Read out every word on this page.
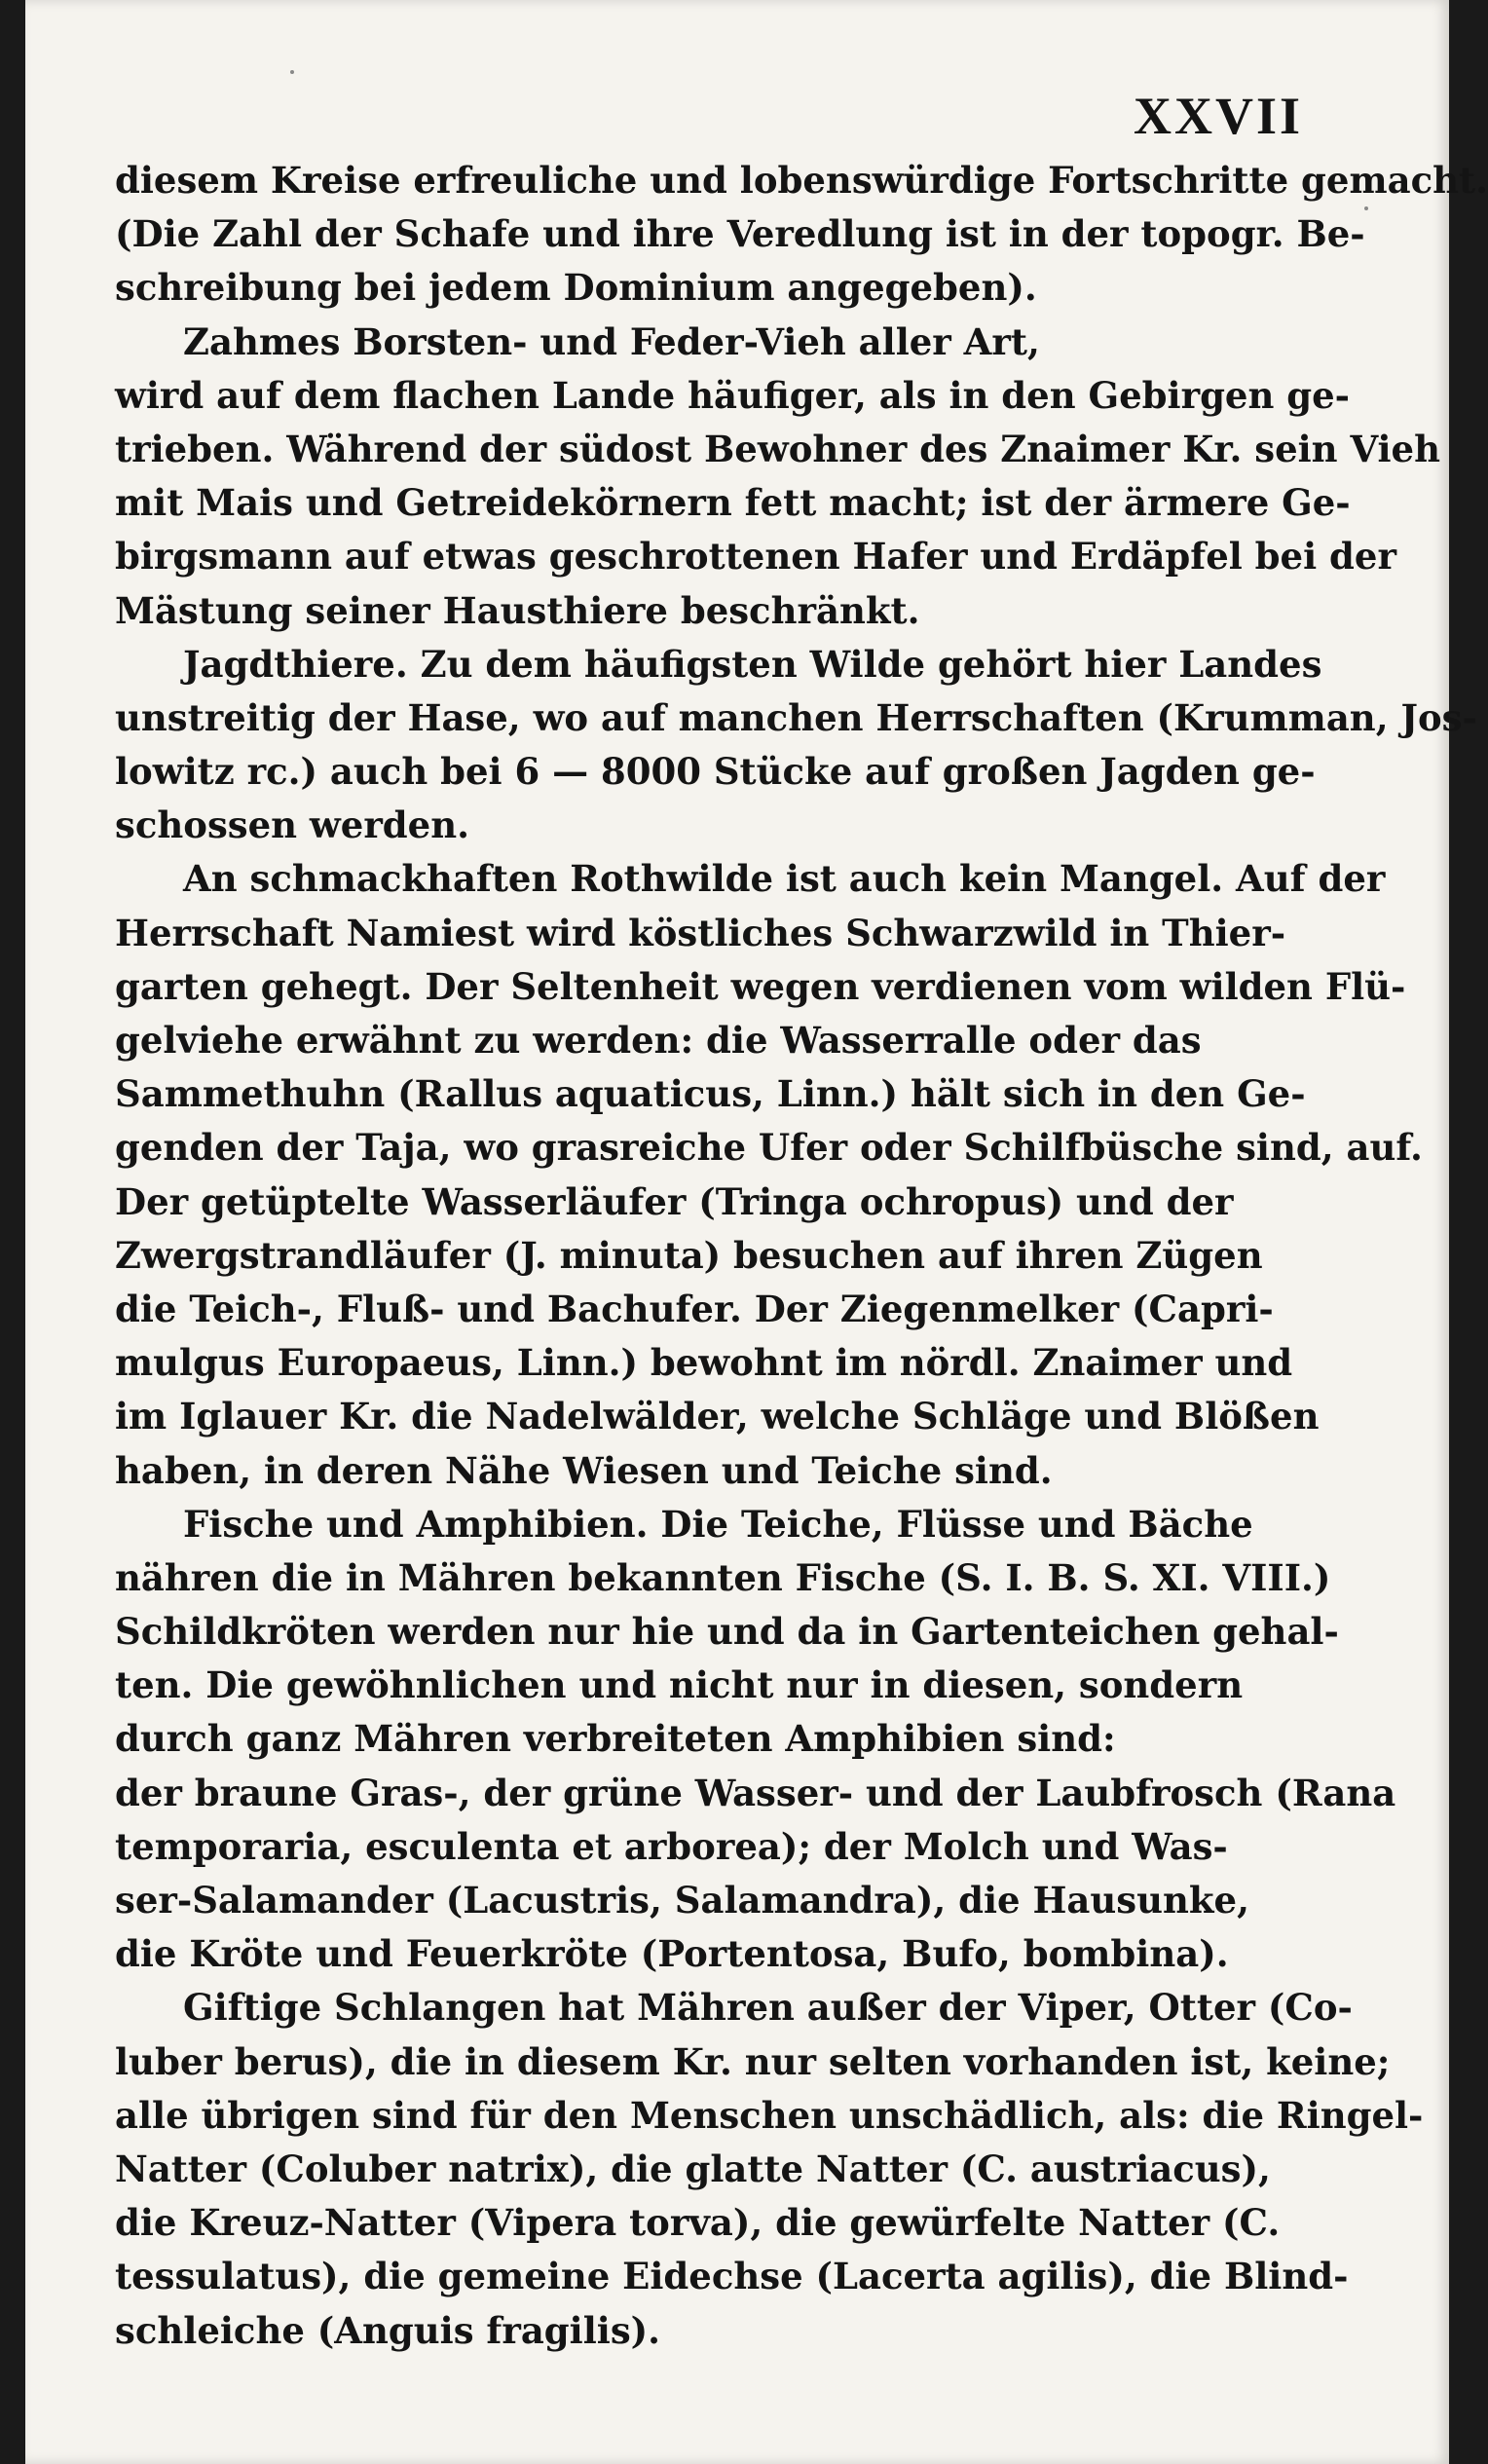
XXVII
diesem Kreise erfreuliche und lobenswürdige Fortschritte gemacht.
(Die Zahl der Schafe und ihre Veredlung ist in der topogr. Be-
schreibung bei jedem Dominium angegeben).
Zahmes Borsten- und Feder-Vieh aller Art,
wird auf dem flachen Lande häufiger, als in den Gebirgen ge-
trieben. Während der südost Bewohner des Znaimer Kr. sein Vieh
mit Mais und Getreidekörnern fett macht; ist der ärmere Ge-
birgsmann auf etwas geschrottenen Hafer und Erdäpfel bei der
Mästung seiner Hausthiere beschränkt.
Jagdthiere. Zu dem häufigsten Wilde gehört hier Landes
unstreitig der Hase, wo auf manchen Herrschaften (Krumman, Jos-
lowitz rc.) auch bei 6 — 8000 Stücke auf großen Jagden ge-
schossen werden.
An schmackhaften Rothwilde ist auch kein Mangel. Auf der
Herrschaft Namiest wird köstliches Schwarzwild in Thier-
garten gehegt. Der Seltenheit wegen verdienen vom wilden Flü-
gelviehe erwähnt zu werden: die Wasserralle oder das
Sammethuhn (Rallus aquaticus, Linn.) hält sich in den Ge-
genden der Taja, wo grasreiche Ufer oder Schilfbüsche sind, auf.
Der getüptelte Wasserläufer (Tringa ochropus) und der
Zwergstrandläufer (J. minuta) besuchen auf ihren Zügen
die Teich-, Fluß- und Bachufer. Der Ziegenmelker (Capri-
mulgus Europaeus, Linn.) bewohnt im nördl. Znaimer und
im Iglauer Kr. die Nadelwälder, welche Schläge und Blößen
haben, in deren Nähe Wiesen und Teiche sind.
Fische und Amphibien. Die Teiche, Flüsse und Bäche
nähren die in Mähren bekannten Fische (S. I. B. S. XI. VIII.)
Schildkröten werden nur hie und da in Gartenteichen gehal-
ten. Die gewöhnlichen und nicht nur in diesen, sondern
durch ganz Mähren verbreiteten Amphibien sind:
der braune Gras-, der grüne Wasser- und der Laubfrosch (Rana
temporaria, esculenta et arborea); der Molch und Was-
ser-Salamander (Lacustris, Salamandra), die Hausunke,
die Kröte und Feuerkröte (Portentosa, Bufo, bombina).
Giftige Schlangen hat Mähren außer der Viper, Otter (Co-
luber berus), die in diesem Kr. nur selten vorhanden ist, keine;
alle übrigen sind für den Menschen unschädlich, als: die Ringel-
Natter (Coluber natrix), die glatte Natter (C. austriacus),
die Kreuz-Natter (Vipera torva), die gewürfelte Natter (C.
tessulatus), die gemeine Eidechse (Lacerta agilis), die Blind-
schleiche (Anguis fragilis).
